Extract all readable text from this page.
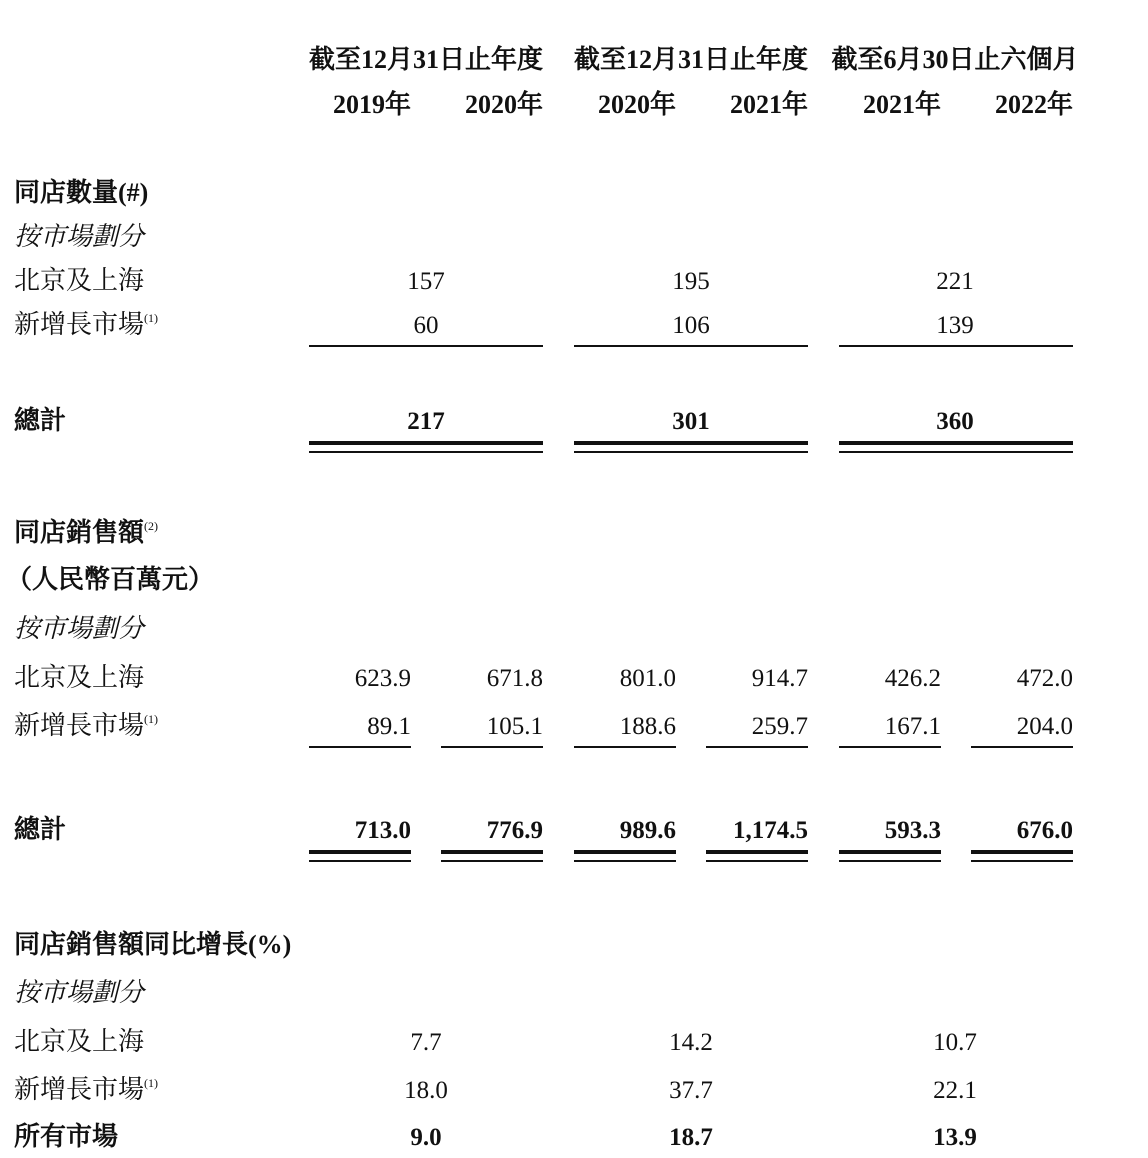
截至12月31日止年度 截至12月31日止年度 截至6月30日止六個月
2019年 2020年 2020年 2021年 2021年 2022年
同店數量(#)
按市場劃分
北京及上海	157	195	221
新增長市場$^{(1)}$	60	106	139
總計	217	301	360
同店銷售額$^{(2)}$
（人民幣百萬元）
按市場劃分
北京及上海	623.9	671.8	801.0	914.7	426.2	472.0
新增長市場$^{(1)}$	89.1	105.1	188.6	259.7	167.1	204.0
總計	713.0	776.9	989.6 1,174.5	593.3	676.0
同店銷售額同比增長(%)
按市場劃分
北京及上海	7.7	14.2	10.7
新增長市場$^{(1)}$	18.0	37.7	22.1
所有市場	9.0	18.7	13.9
